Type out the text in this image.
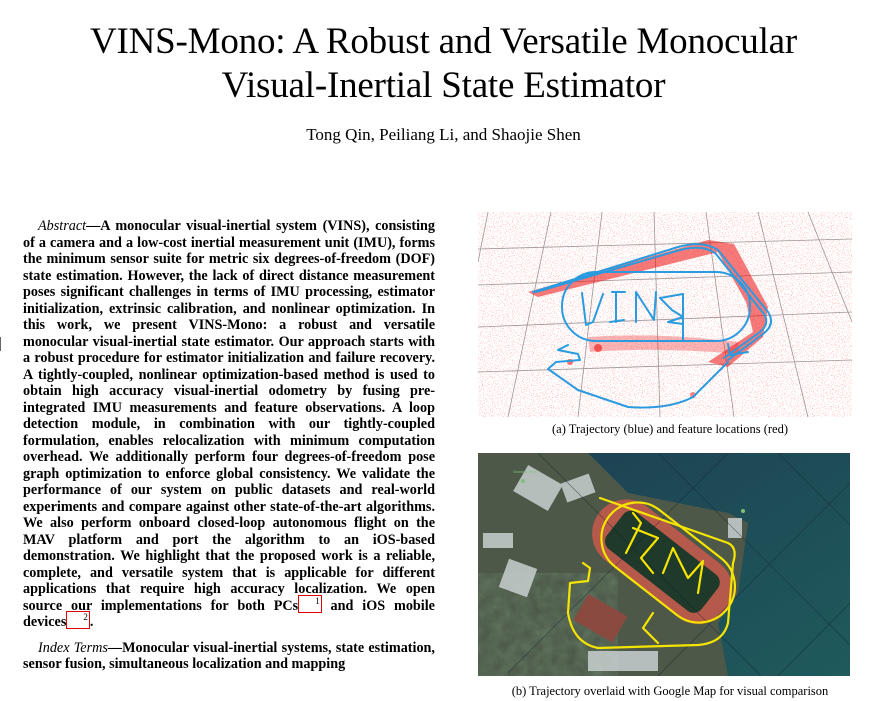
VINS-Mono: A Robust and Versatile Monocular
Visual-Inertial State Estimator
Tong Qin, Peiliang Li, and Shaojie Shen

Abstract—A monocular visual-inertial system (VINS), consisting of a camera and a low-cost inertial measurement unit (IMU), forms the minimum sensor suite for metric six degrees-of-freedom (DOF) state estimation. However, the lack of direct distance measurement poses significant challenges in terms of IMU processing, estimator initialization, extrinsic calibration, and nonlinear optimization. In this work, we present VINS-Mono: a robust and versatile monocular visual-inertial state estimator. Our approach starts with a robust procedure for estimator initialization and failure recovery. A tightly-coupled, nonlinear optimization-based method is used to obtain high accuracy visual-inertial odometry by fusing pre-integrated IMU measurements and feature observations. A loop detection module, in combination with our tightly-coupled formulation, enables relocalization with minimum computation overhead. We additionally perform four degrees-of-freedom pose graph optimization to enforce global consistency. We validate the performance of our system on public datasets and real-world experiments and compare against other state-of-the-art algorithms. We also perform onboard closed-loop autonomous flight on the MAV platform and port the algorithm to an iOS-based demonstration. We highlight that the proposed work is a reliable, complete, and versatile system that is applicable for different applications that require high accuracy localization. We open source our implementations for both PCs 1 and iOS mobile devices 2 .

Index Terms—Monocular visual-inertial systems, state estimation, sensor fusion, simultaneous localization and mapping

(a) Trajectory (blue) and feature locations (red)
Outdoor Pool
(b) Trajectory overlaid with Google Map for visual comparison
